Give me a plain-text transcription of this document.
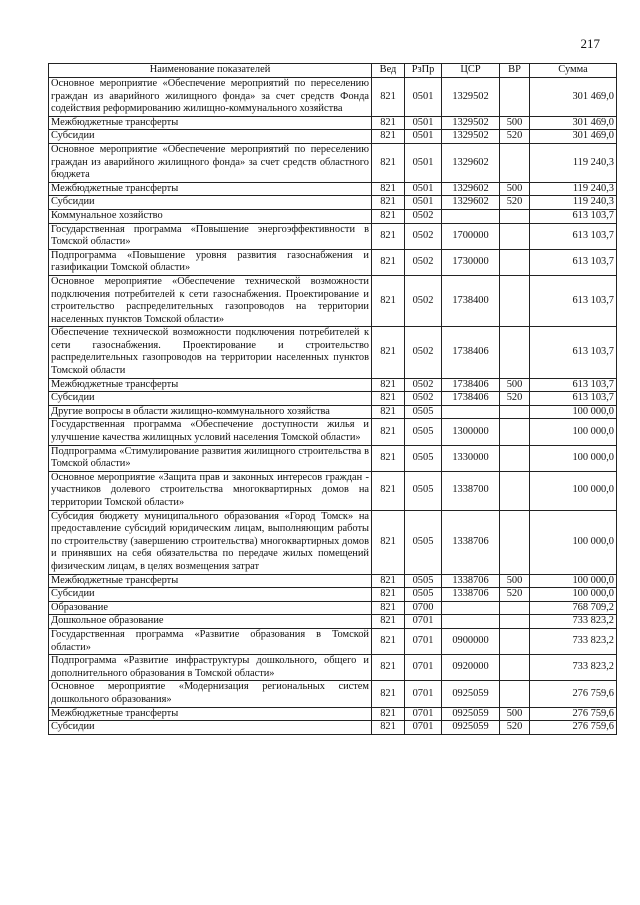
217
Наименование показателей	Вед	РзПр	ЦСР	ВР	Сумма
Основное мероприятие «Обеспечение мероприятий по переселению граждан из аварийного жилищного фонда» за счет средств Фонда содействия реформированию жилищно-коммунального хозяйства	821	0501	1329502		301 469,0
Межбюджетные трансферты	821	0501	1329502	500	301 469,0
Субсидии	821	0501	1329502	520	301 469,0
Основное мероприятие «Обеспечение мероприятий по переселению граждан из аварийного жилищного фонда» за счет средств областного бюджета	821	0501	1329602		119 240,3
Межбюджетные трансферты	821	0501	1329602	500	119 240,3
Субсидии	821	0501	1329602	520	119 240,3
Коммунальное хозяйство	821	0502			613 103,7
Государственная программа «Повышение энергоэффективности в Томской области»	821	0502	1700000		613 103,7
Подпрограмма «Повышение уровня развития газоснабжения и газификации Томской области»	821	0502	1730000		613 103,7
Основное мероприятие «Обеспечение технической возможности подключения потребителей к сети газоснабжения. Проектирование и строительство распределительных газопроводов на территории населенных пунктов Томской области»	821	0502	1738400		613 103,7
Обеспечение технической возможности подключения потребителей к сети газоснабжения. Проектирование и строительство распределительных газопроводов на территории населенных пунктов Томской области	821	0502	1738406		613 103,7
Межбюджетные трансферты	821	0502	1738406	500	613 103,7
Субсидии	821	0502	1738406	520	613 103,7
Другие вопросы в области жилищно-коммунального хозяйства	821	0505			100 000,0
Государственная программа «Обеспечение доступности жилья и улучшение качества жилищных условий населения Томской области»	821	0505	1300000		100 000,0
Подпрограмма «Стимулирование развития жилищного строительства в Томской области»	821	0505	1330000		100 000,0
Основное мероприятие «Защита прав и законных интересов граждан - участников долевого строительства многоквартирных домов на территории Томской области»	821	0505	1338700		100 000,0
Субсидия бюджету муниципального образования «Город Томск» на предоставление субсидий юридическим лицам, выполняющим работы по строительству (завершению строительства) многоквартирных домов и принявших на себя обязательства по передаче жилых помещений физическим лицам, в целях возмещения затрат	821	0505	1338706		100 000,0
Межбюджетные трансферты	821	0505	1338706	500	100 000,0
Субсидии	821	0505	1338706	520	100 000,0
Образование	821	0700			768 709,2
Дошкольное образование	821	0701			733 823,2
Государственная программа «Развитие образования в Томской области»	821	0701	0900000		733 823,2
Подпрограмма «Развитие инфраструктуры дошкольного, общего и дополнительного образования в Томской области»	821	0701	0920000		733 823,2
Основное мероприятие «Модернизация региональных систем дошкольного образования»	821	0701	0925059		276 759,6
Межбюджетные трансферты	821	0701	0925059	500	276 759,6
Субсидии	821	0701	0925059	520	276 759,6
